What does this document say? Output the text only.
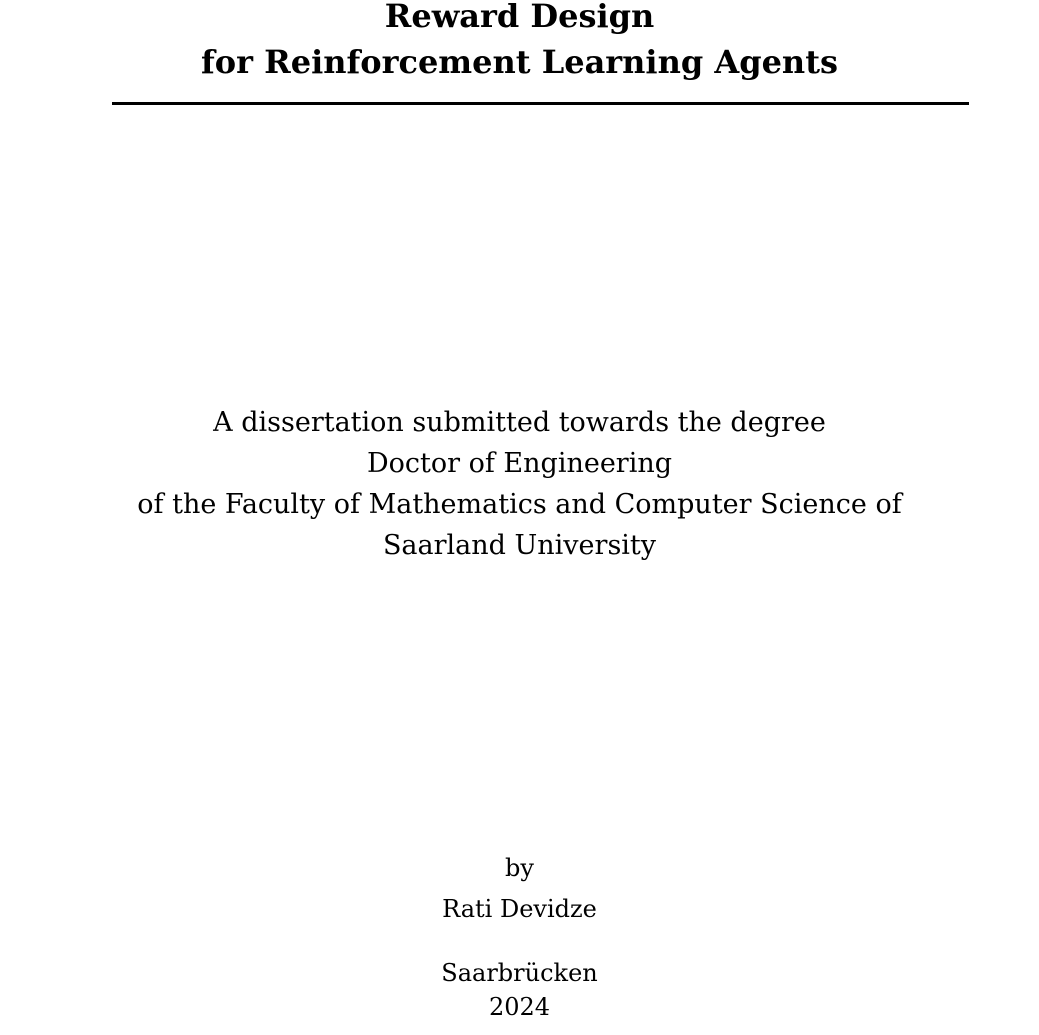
Reward Design
for Reinforcement Learning Agents
A dissertation submitted towards the degree
Doctor of Engineering
of the Faculty of Mathematics and Computer Science of
Saarland University
by
Rati Devidze
Saarbrücken
2024
